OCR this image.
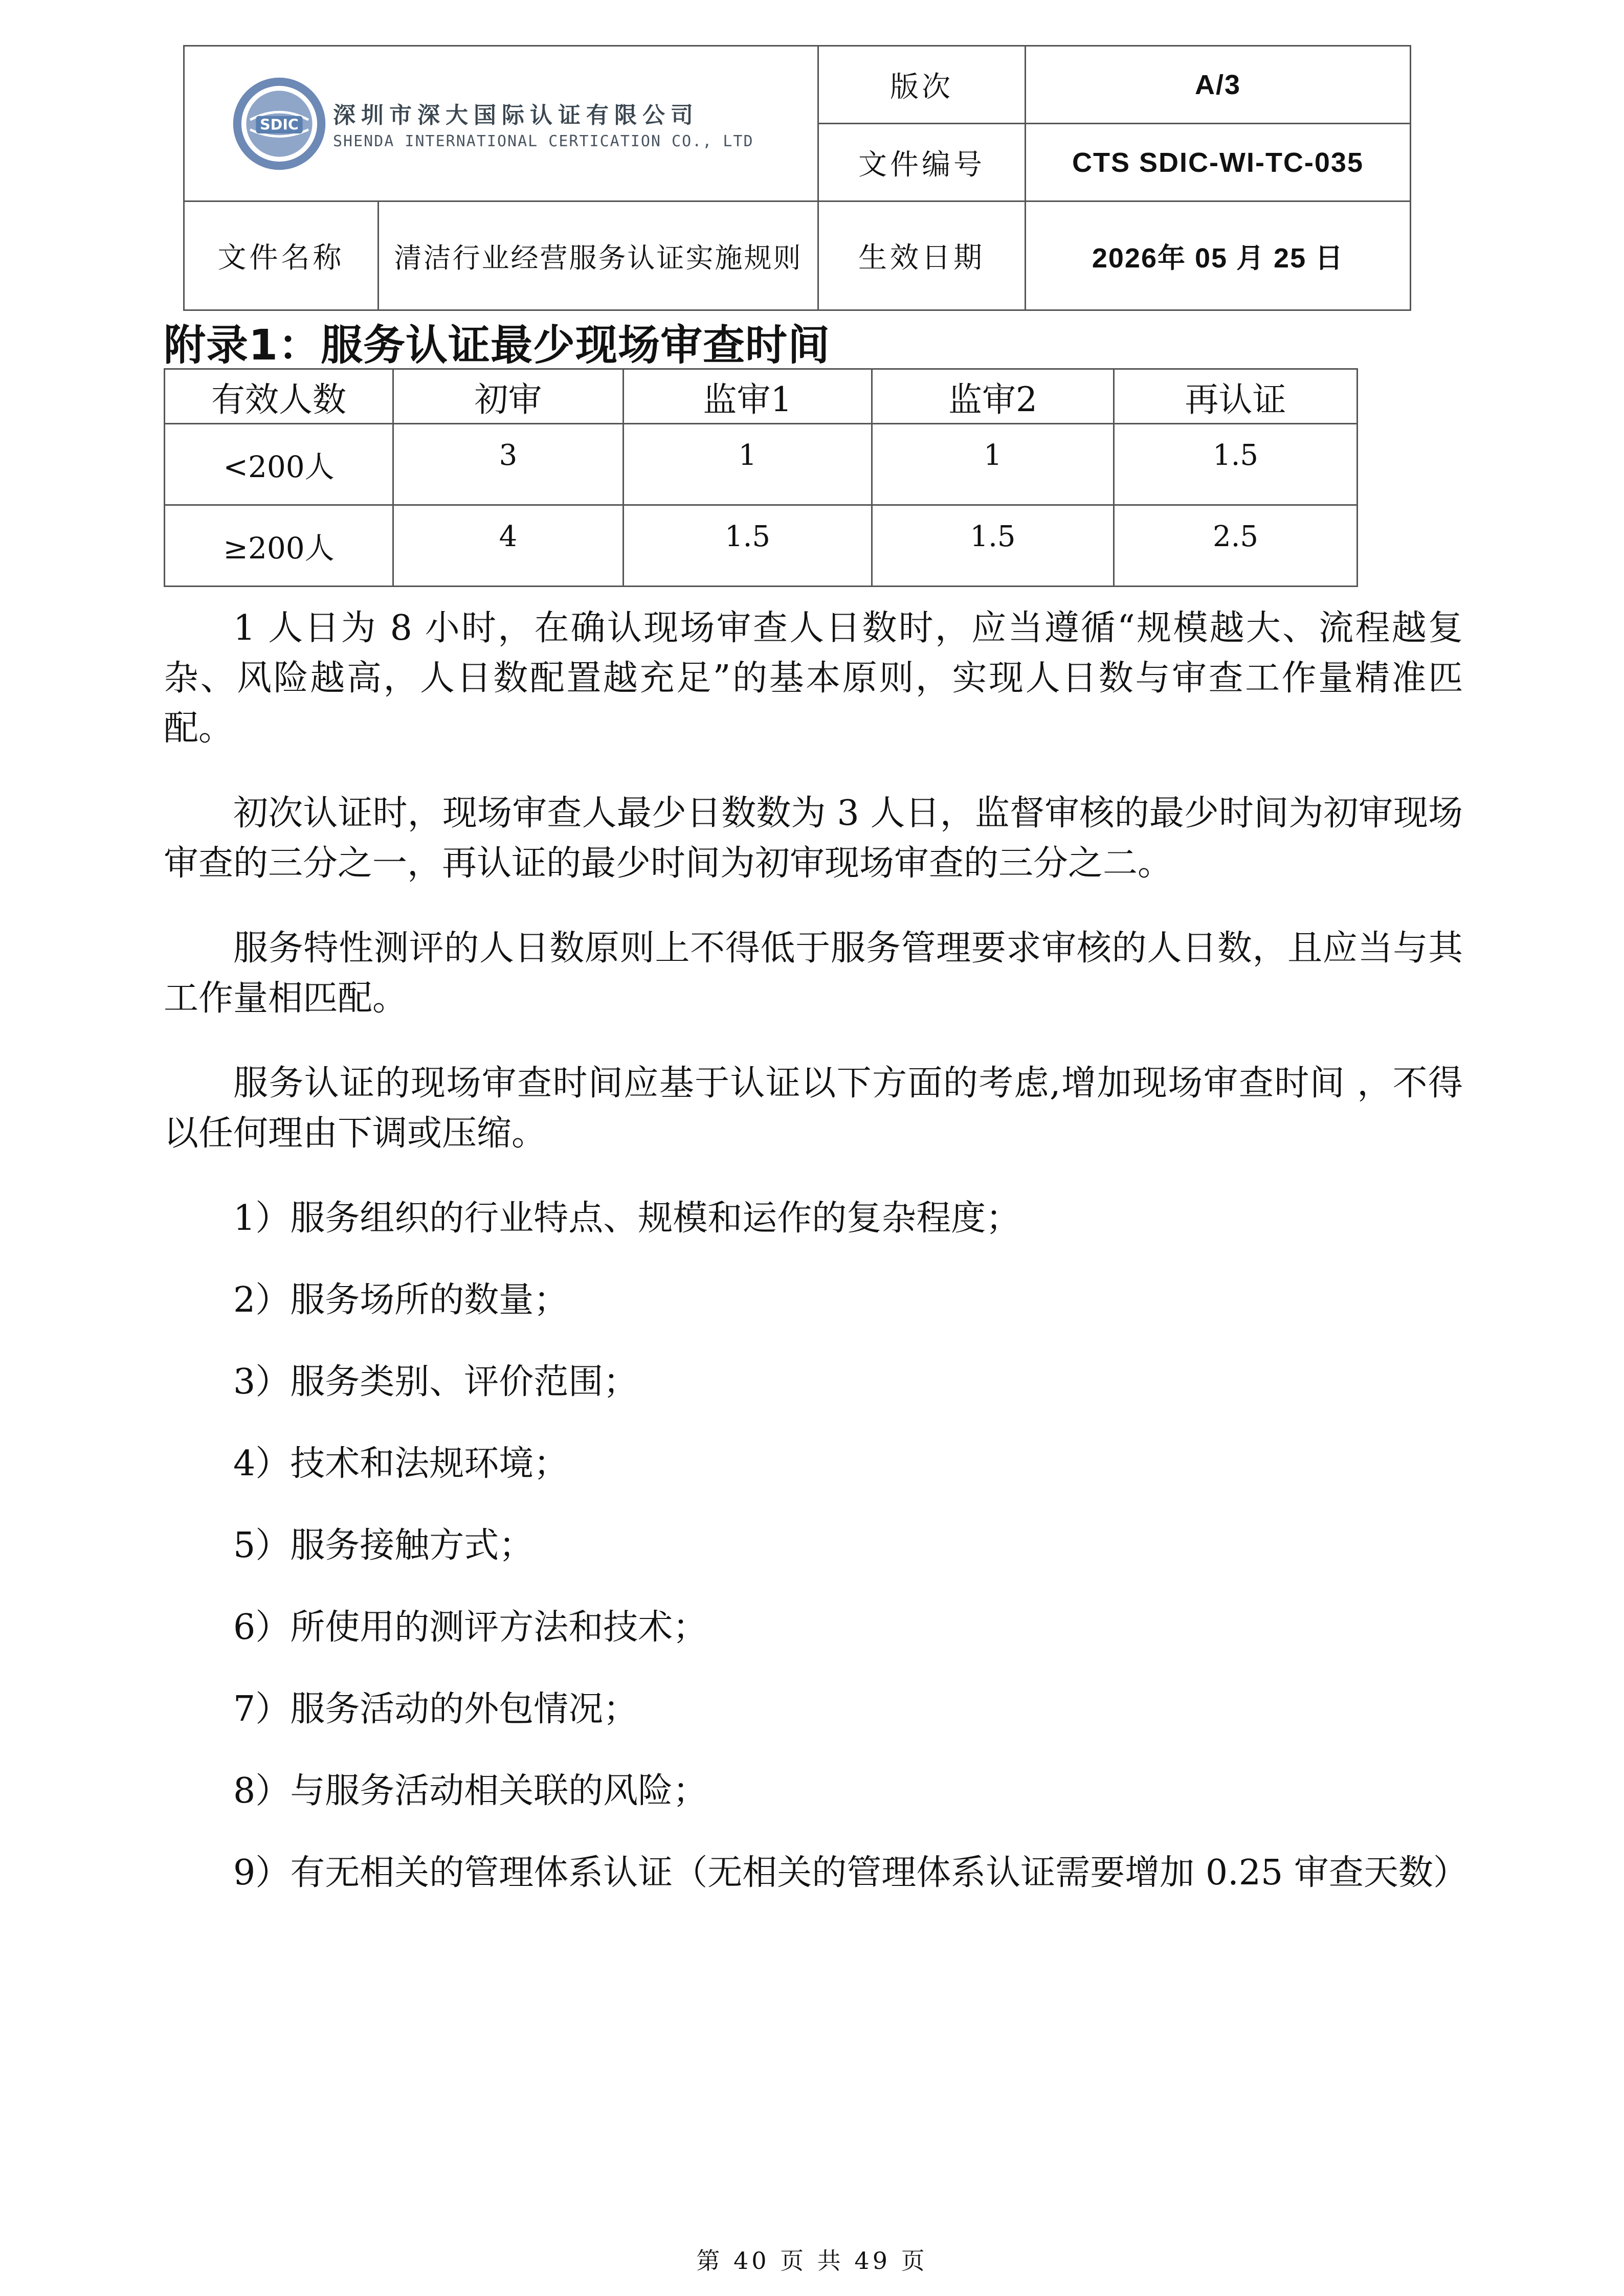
SDIC 深圳市深大国际认证有限公司
SHENDA INTERNATIONAL CERTICATION CO., LTD		版次	A/3
		文件编号	CTS SDIC-WI-TC-035
文件名称	清洁行业经营服务认证实施规则	生效日期	2026年 05 月 25 日
附录1：服务认证最少现场审查时间
有效人数	初审	监审1	监审2	再认证
<200人	3	1	1	1.5
≥200人	4	1.5	1.5	2.5

1 人日为 8 小时，在确认现场审查人日数时，应当遵循“规模越大、流程越复杂、风险越高，人日数配置越充足”的基本原则，实现人日数与审查工作量精准匹配。

初次认证时，现场审查人最少日数数为 3 人日，监督审核的最少时间为初审现场审查的三分之一，再认证的最少时间为初审现场审查的三分之二。

服务特性测评的人日数原则上不得低于服务管理要求审核的人日数，且应当与其工作量相匹配。

服务认证的现场审查时间应基于认证以下方面的考虑,增加现场审查时间 ，不得以任何理由下调或压缩。

1）服务组织的行业特点、规模和运作的复杂程度；
2）服务场所的数量；
3）服务类别、评价范围；
4）技术和法规环境；
5）服务接触方式；
6）所使用的测评方法和技术；
7）服务活动的外包情况；
8）与服务活动相关联的风险；

9）有无相关的管理体系认证（无相关的管理体系认证需要增加 0.25 审查天数）

第 40 页 共 49 页
